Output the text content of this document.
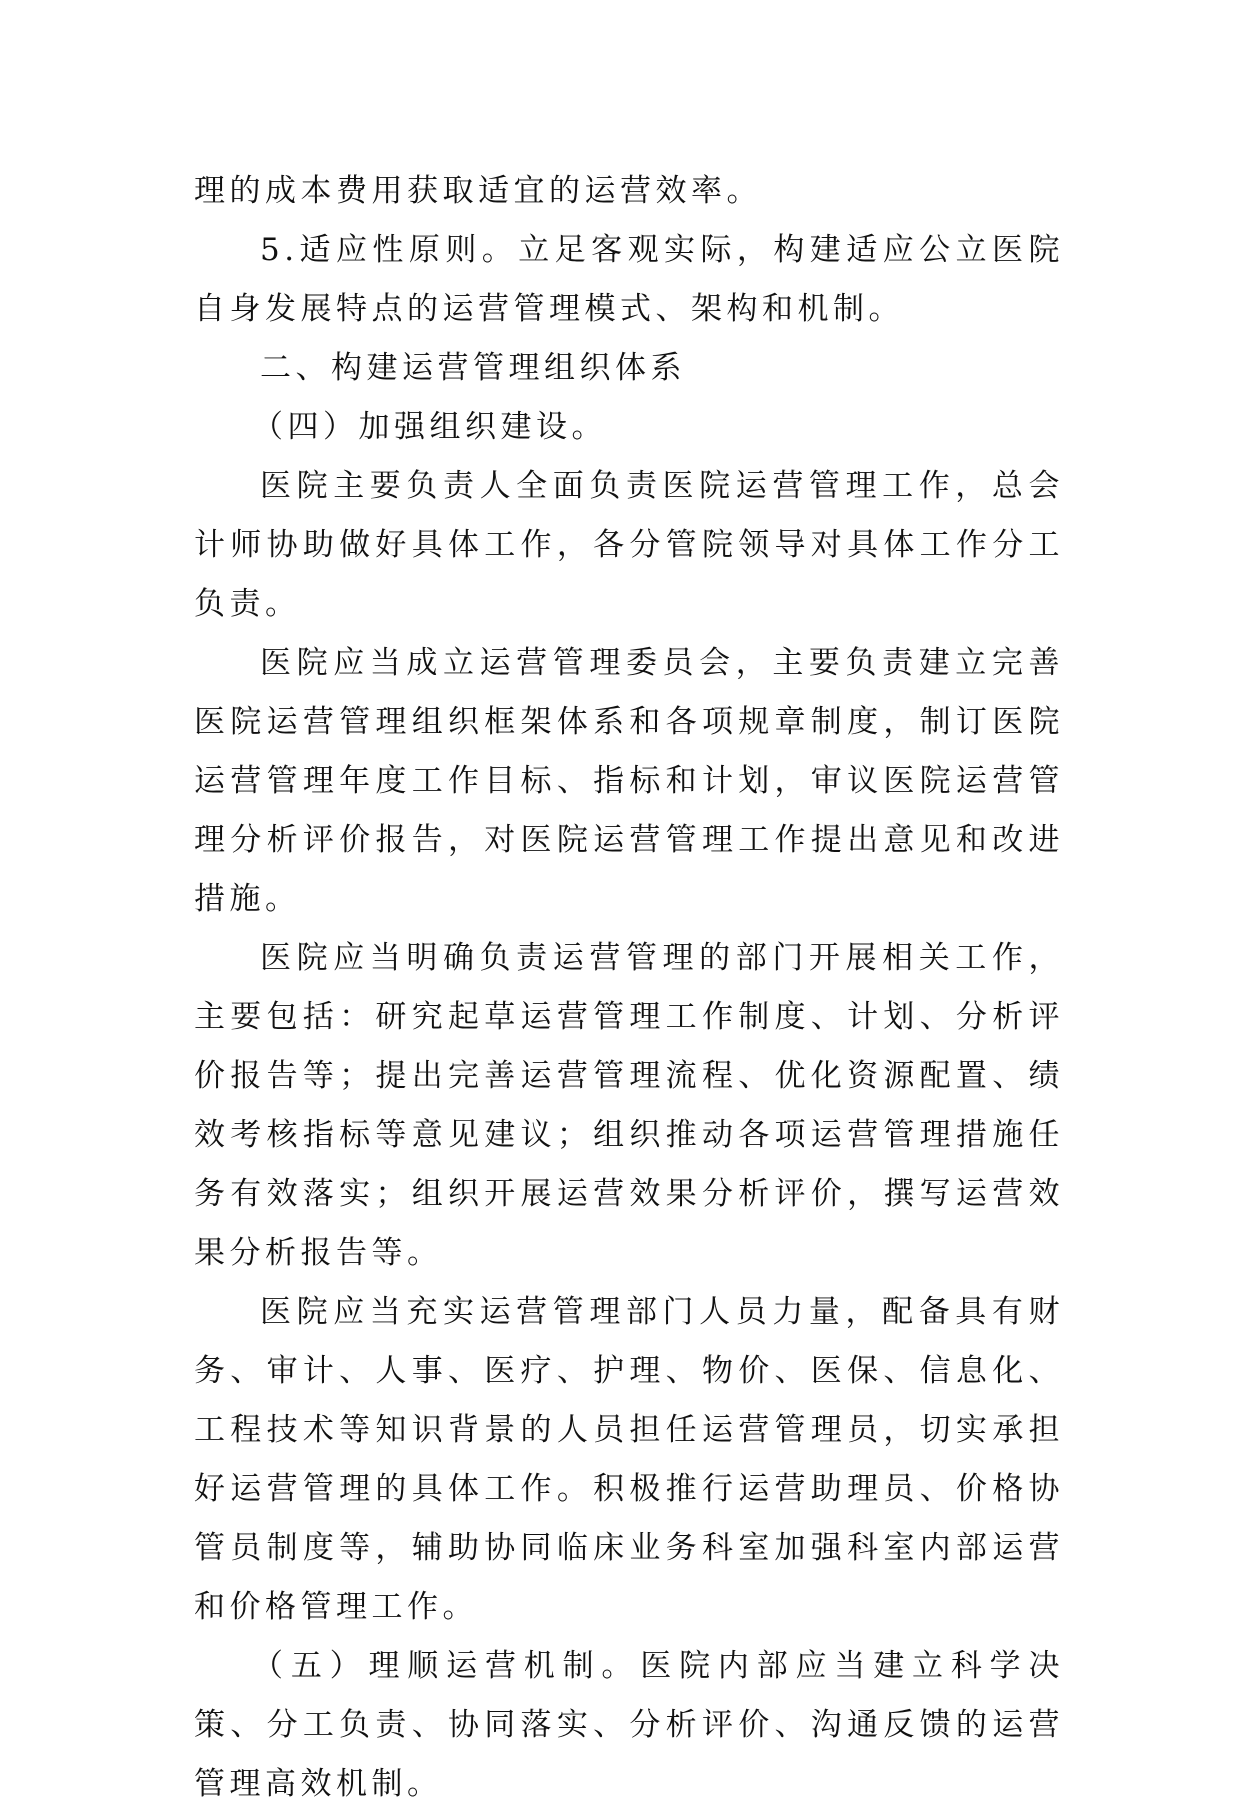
理的成本费用获取适宜的运营效率。

5.适应性原则。立足客观实际，构建适应公立医院自身发展特点的运营管理模式、架构和机制。

二、构建运营管理组织体系

（四）加强组织建设。

医院主要负责人全面负责医院运营管理工作，总会计师协助做好具体工作，各分管院领导对具体工作分工负责。

医院应当成立运营管理委员会，主要负责建立完善医院运营管理组织框架体系和各项规章制度，制订医院运营管理年度工作目标、指标和计划，审议医院运营管理分析评价报告，对医院运营管理工作提出意见和改进措施。

医院应当明确负责运营管理的部门开展相关工作，主要包括：研究起草运营管理工作制度、计划、分析评价报告等；提出完善运营管理流程、优化资源配置、绩效考核指标等意见建议；组织推动各项运营管理措施任务有效落实；组织开展运营效果分析评价，撰写运营效果分析报告等。

医院应当充实运营管理部门人员力量，配备具有财务、审计、人事、医疗、护理、物价、医保、信息化、工程技术等知识背景的人员担任运营管理员，切实承担好运营管理的具体工作。积极推行运营助理员、价格协管员制度等，辅助协同临床业务科室加强科室内部运营和价格管理工作。

（五）理顺运营机制。医院内部应当建立科学决策、分工负责、协同落实、分析评价、沟通反馈的运营管理高效机制。
